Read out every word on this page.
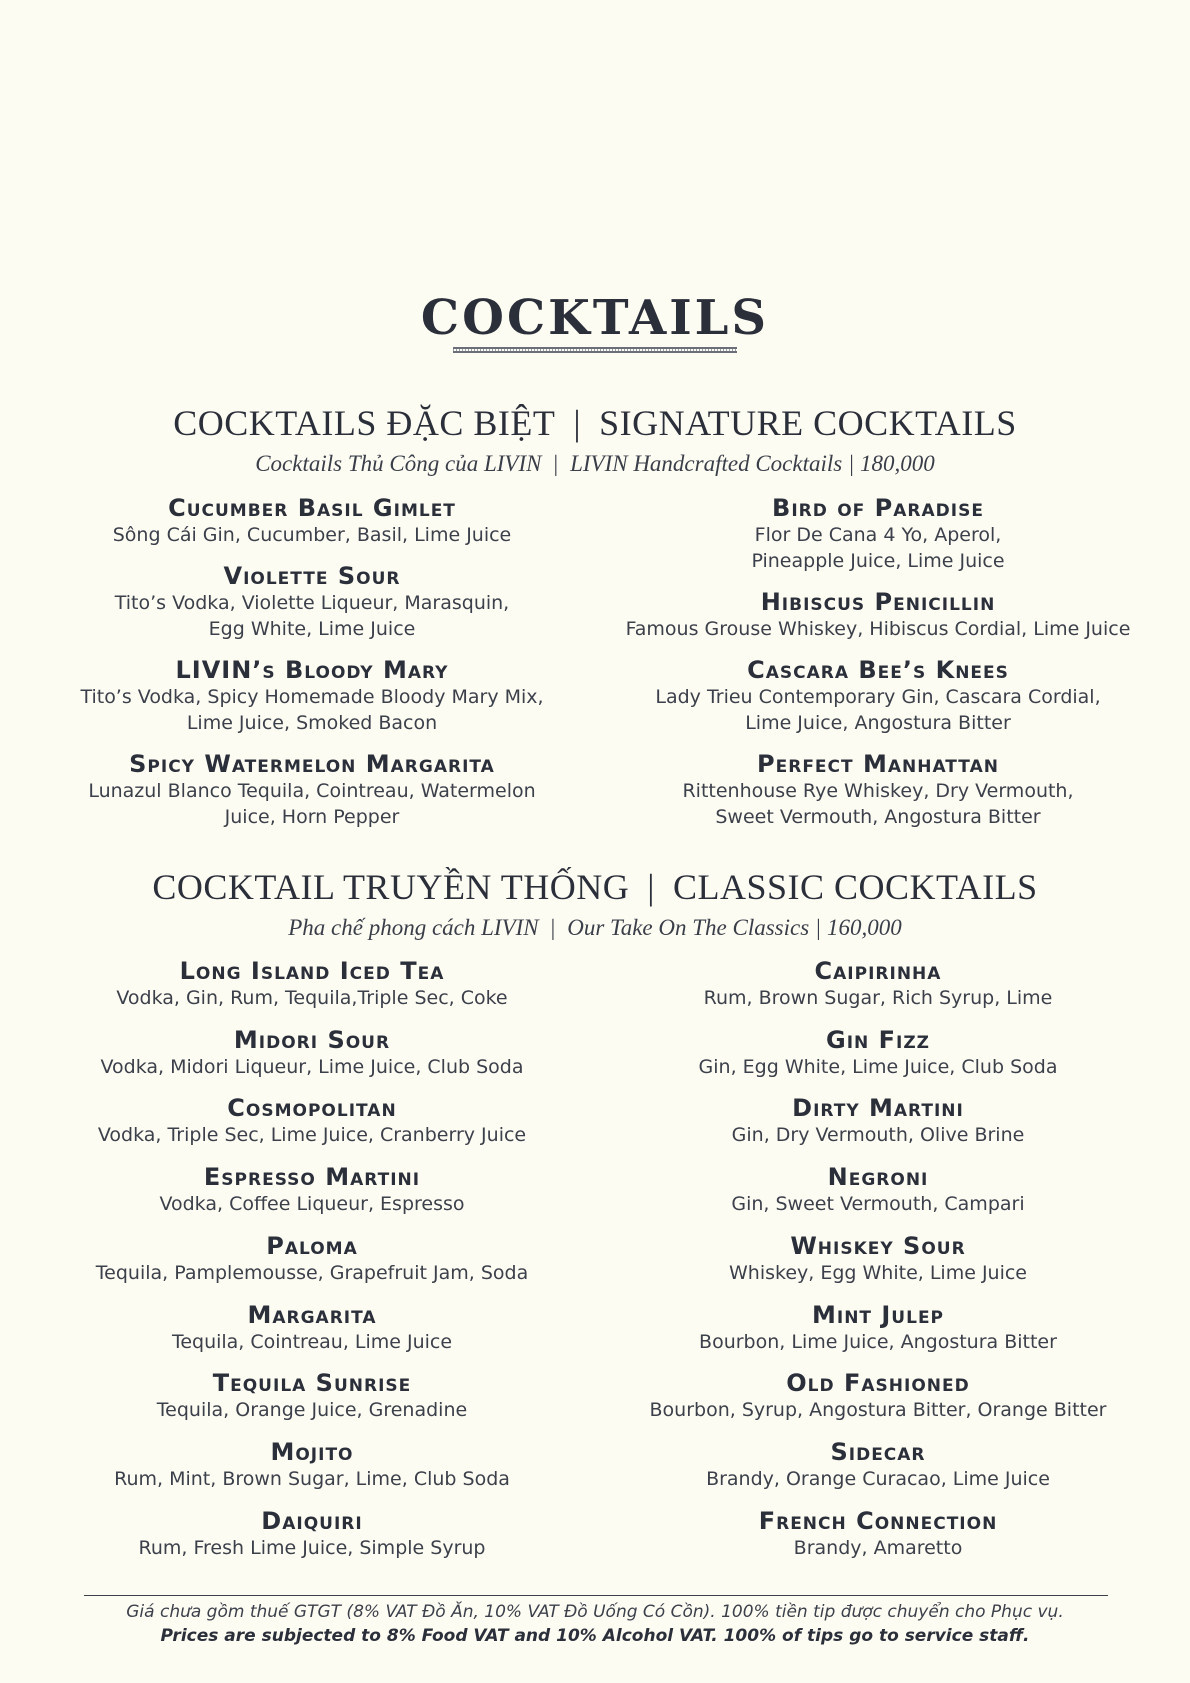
COCKTAILS
COCKTAILS ĐẶC BIỆT | SIGNATURE COCKTAILS
Cocktails Thủ Công của LIVIN | LIVIN Handcrafted Cocktails | 180,000
Cucumber Basil Gimlet
Sông Cái Gin, Cucumber, Basil, Lime Juice
Violette Sour
Tito’s Vodka, Violette Liqueur, Marasquin,
Egg White, Lime Juice
LIVIN’s Bloody Mary
Tito’s Vodka, Spicy Homemade Bloody Mary Mix,
Lime Juice, Smoked Bacon
Spicy Watermelon Margarita
Lunazul Blanco Tequila, Cointreau, Watermelon
Juice, Horn Pepper
Bird of Paradise
Flor De Cana 4 Yo, Aperol,
Pineapple Juice, Lime Juice
Hibiscus Penicillin
Famous Grouse Whiskey, Hibiscus Cordial, Lime Juice
Cascara Bee’s Knees
Lady Trieu Contemporary Gin, Cascara Cordial,
Lime Juice, Angostura Bitter
Perfect Manhattan
Rittenhouse Rye Whiskey, Dry Vermouth,
Sweet Vermouth, Angostura Bitter
COCKTAIL TRUYỀN THỐNG | CLASSIC COCKTAILS
Pha chế phong cách LIVIN | Our Take On The Classics | 160,000
Long Island Iced Tea
Vodka, Gin, Rum, Tequila,Triple Sec, Coke
Midori Sour
Vodka, Midori Liqueur, Lime Juice, Club Soda
Cosmopolitan
Vodka, Triple Sec, Lime Juice, Cranberry Juice
Espresso Martini
Vodka, Coffee Liqueur, Espresso
Paloma
Tequila, Pamplemousse, Grapefruit Jam, Soda
Margarita
Tequila, Cointreau, Lime Juice
Tequila Sunrise
Tequila, Orange Juice, Grenadine
Mojito
Rum, Mint, Brown Sugar, Lime, Club Soda
Daiquiri
Rum, Fresh Lime Juice, Simple Syrup
Caipirinha
Rum, Brown Sugar, Rich Syrup, Lime
Gin Fizz
Gin, Egg White, Lime Juice, Club Soda
Dirty Martini
Gin, Dry Vermouth, Olive Brine
Negroni
Gin, Sweet Vermouth, Campari
Whiskey Sour
Whiskey, Egg White, Lime Juice
Mint Julep
Bourbon, Lime Juice, Angostura Bitter
Old Fashioned
Bourbon, Syrup, Angostura Bitter, Orange Bitter
Sidecar
Brandy, Orange Curacao, Lime Juice
French Connection
Brandy, Amaretto
Giá chưa gồm thuế GTGT (8% VAT Đồ Ăn, 10% VAT Đồ Uống Có Cồn). 100% tiền tip được chuyển cho Phục vụ.
Prices are subjected to 8% Food VAT and 10% Alcohol VAT. 100% of tips go to service staff.
